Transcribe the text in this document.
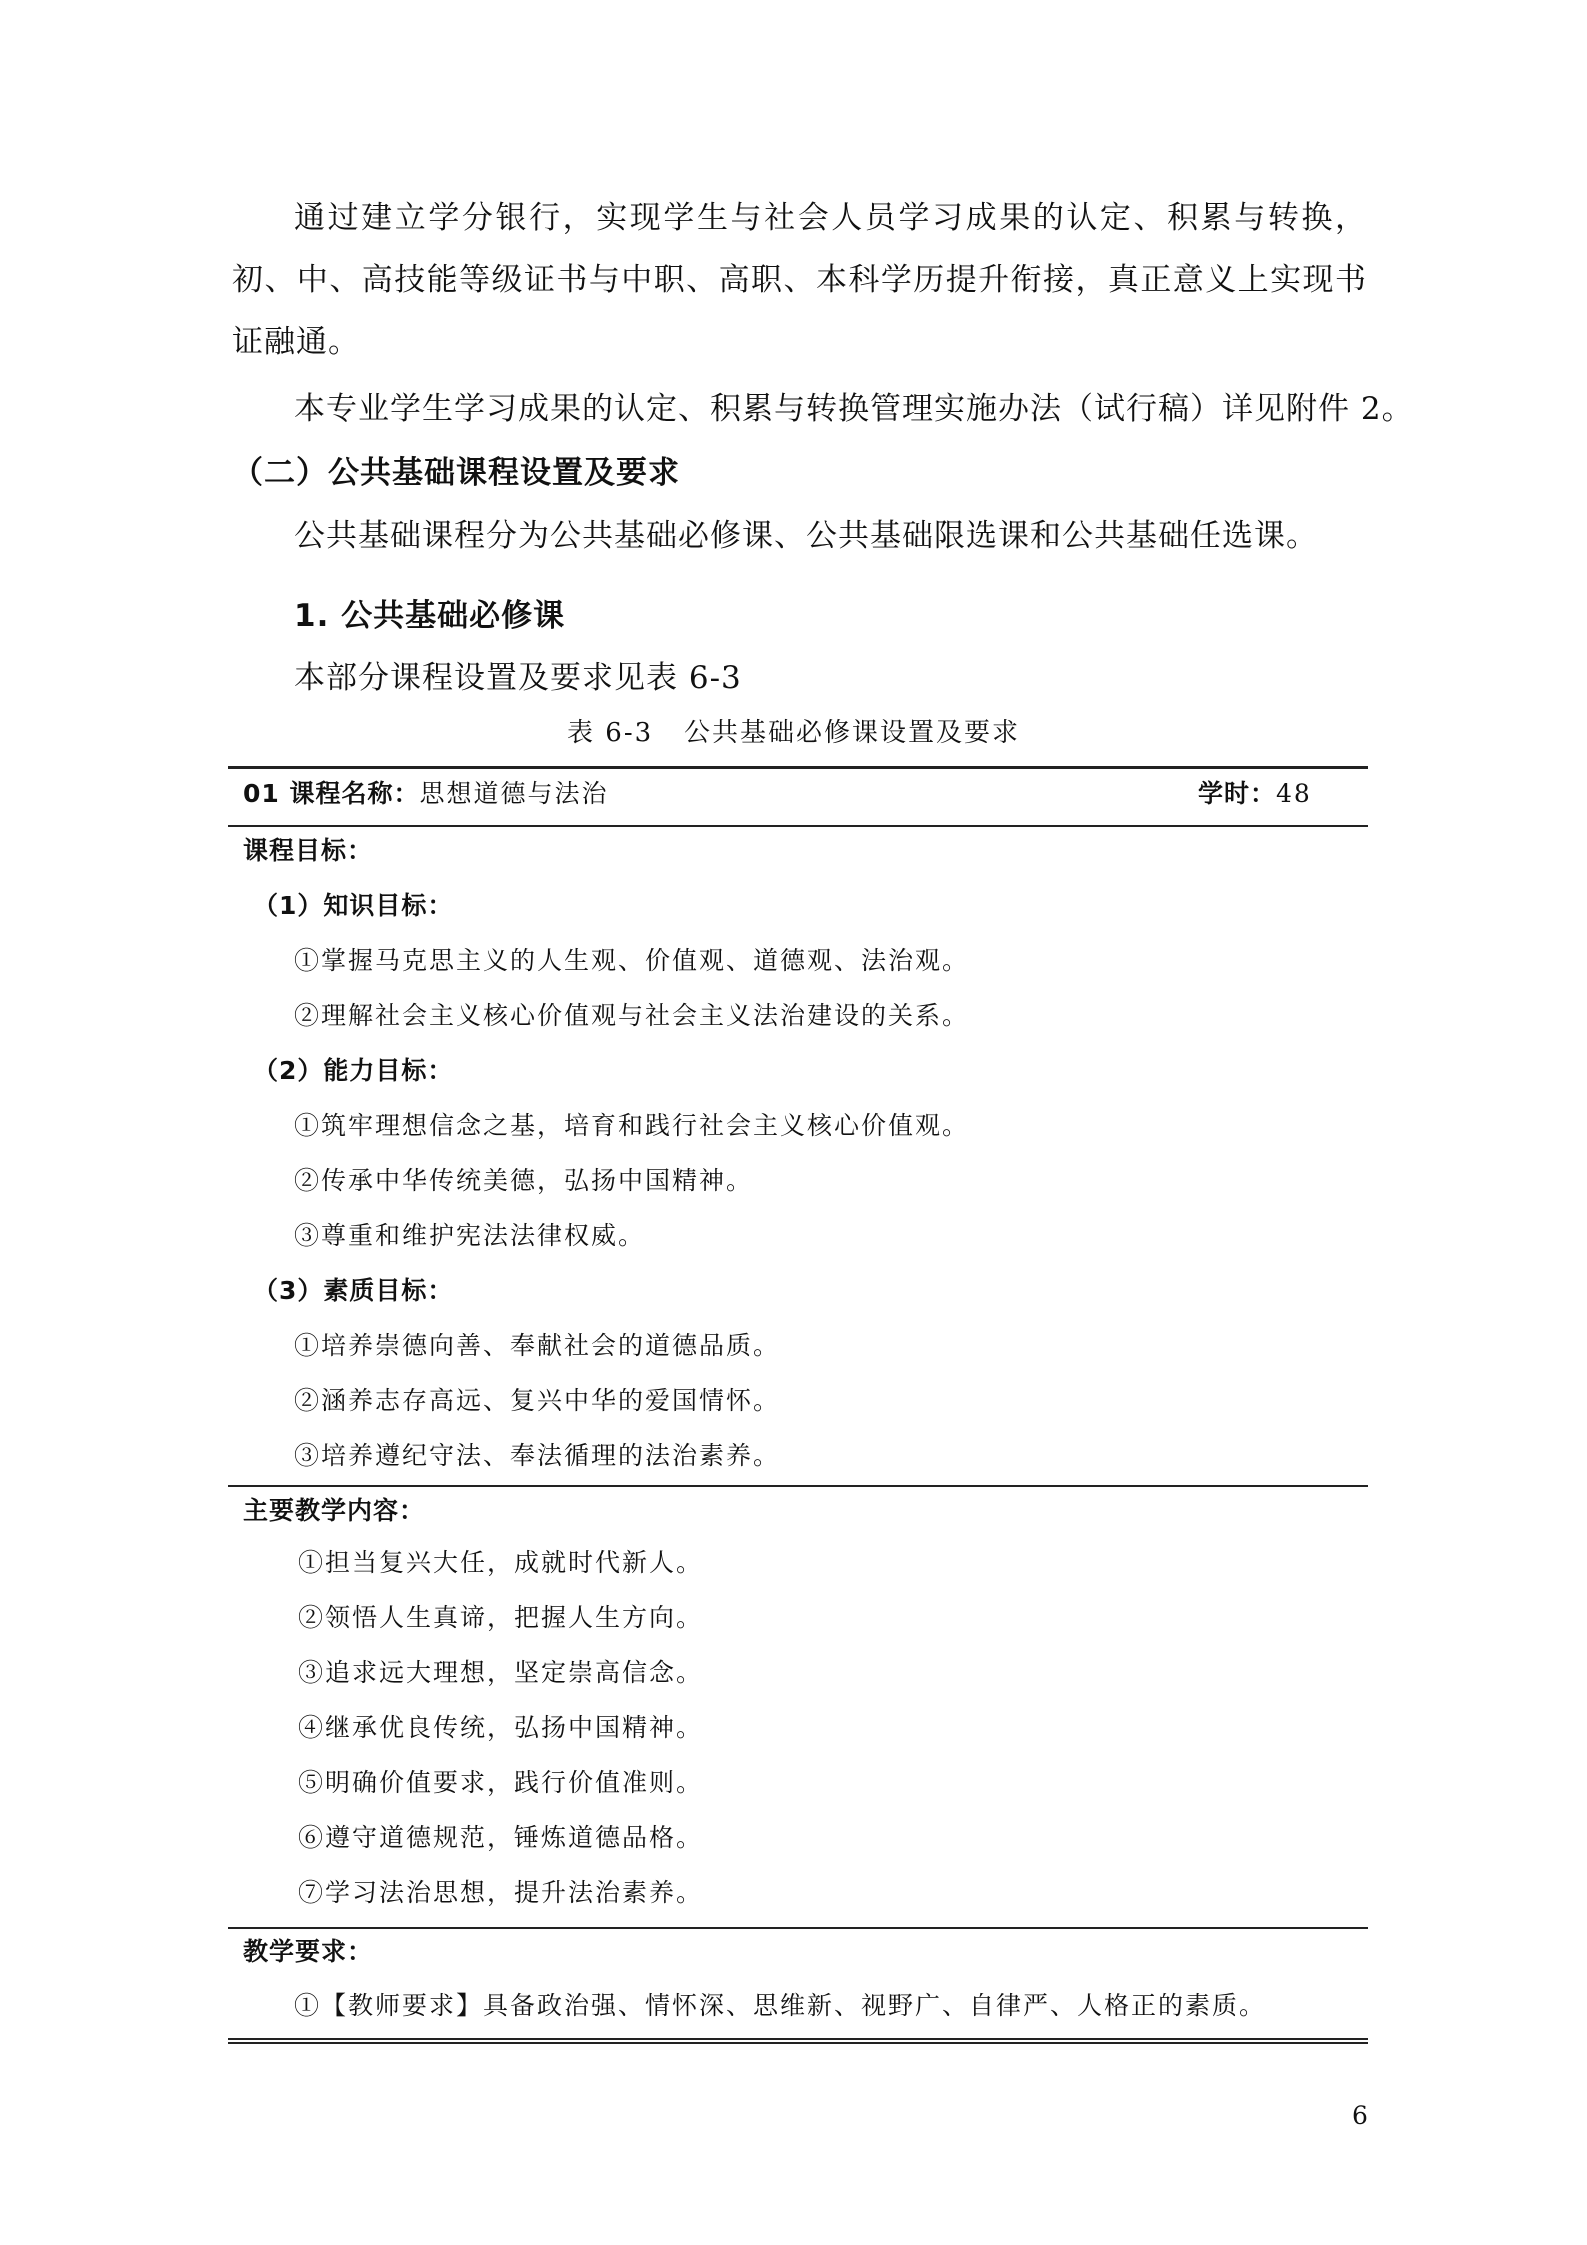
通过建立学分银行，实现学生与社会人员学习成果的认定、积累与转换，初、中、高技能等级证书与中职、高职、本科学历提升衔接，真正意义上实现书证融通。

本专业学生学习成果的认定、积累与转换管理实施办法（试行稿）详见附件 2。

（二）公共基础课程设置及要求

公共基础课程分为公共基础必修课、公共基础限选课和公共基础任选课。

1. 公共基础必修课

本部分课程设置及要求见表 6-3

表 6-3   公共基础必修课设置及要求
01 课程名称：思想道德与法治	学时：48
课程目标：
（1）知识目标：
①掌握马克思主义的人生观、价值观、道德观、法治观。
②理解社会主义核心价值观与社会主义法治建设的关系。
（2）能力目标：
①筑牢理想信念之基，培育和践行社会主义核心价值观。
②传承中华传统美德，弘扬中国精神。
③尊重和维护宪法法律权威。
（3）素质目标：
①培养崇德向善、奉献社会的道德品质。
②涵养志存高远、复兴中华的爱国情怀。
③培养遵纪守法、奉法循理的法治素养。
主要教学内容：
①担当复兴大任，成就时代新人。
②领悟人生真谛，把握人生方向。
③追求远大理想，坚定崇高信念。
④继承优良传统，弘扬中国精神。
⑤明确价值要求，践行价值准则。
⑥遵守道德规范，锤炼道德品格。
⑦学习法治思想，提升法治素养。
教学要求：
①【教师要求】具备政治强、情怀深、思维新、视野广、自律严、人格正的素质。
6
